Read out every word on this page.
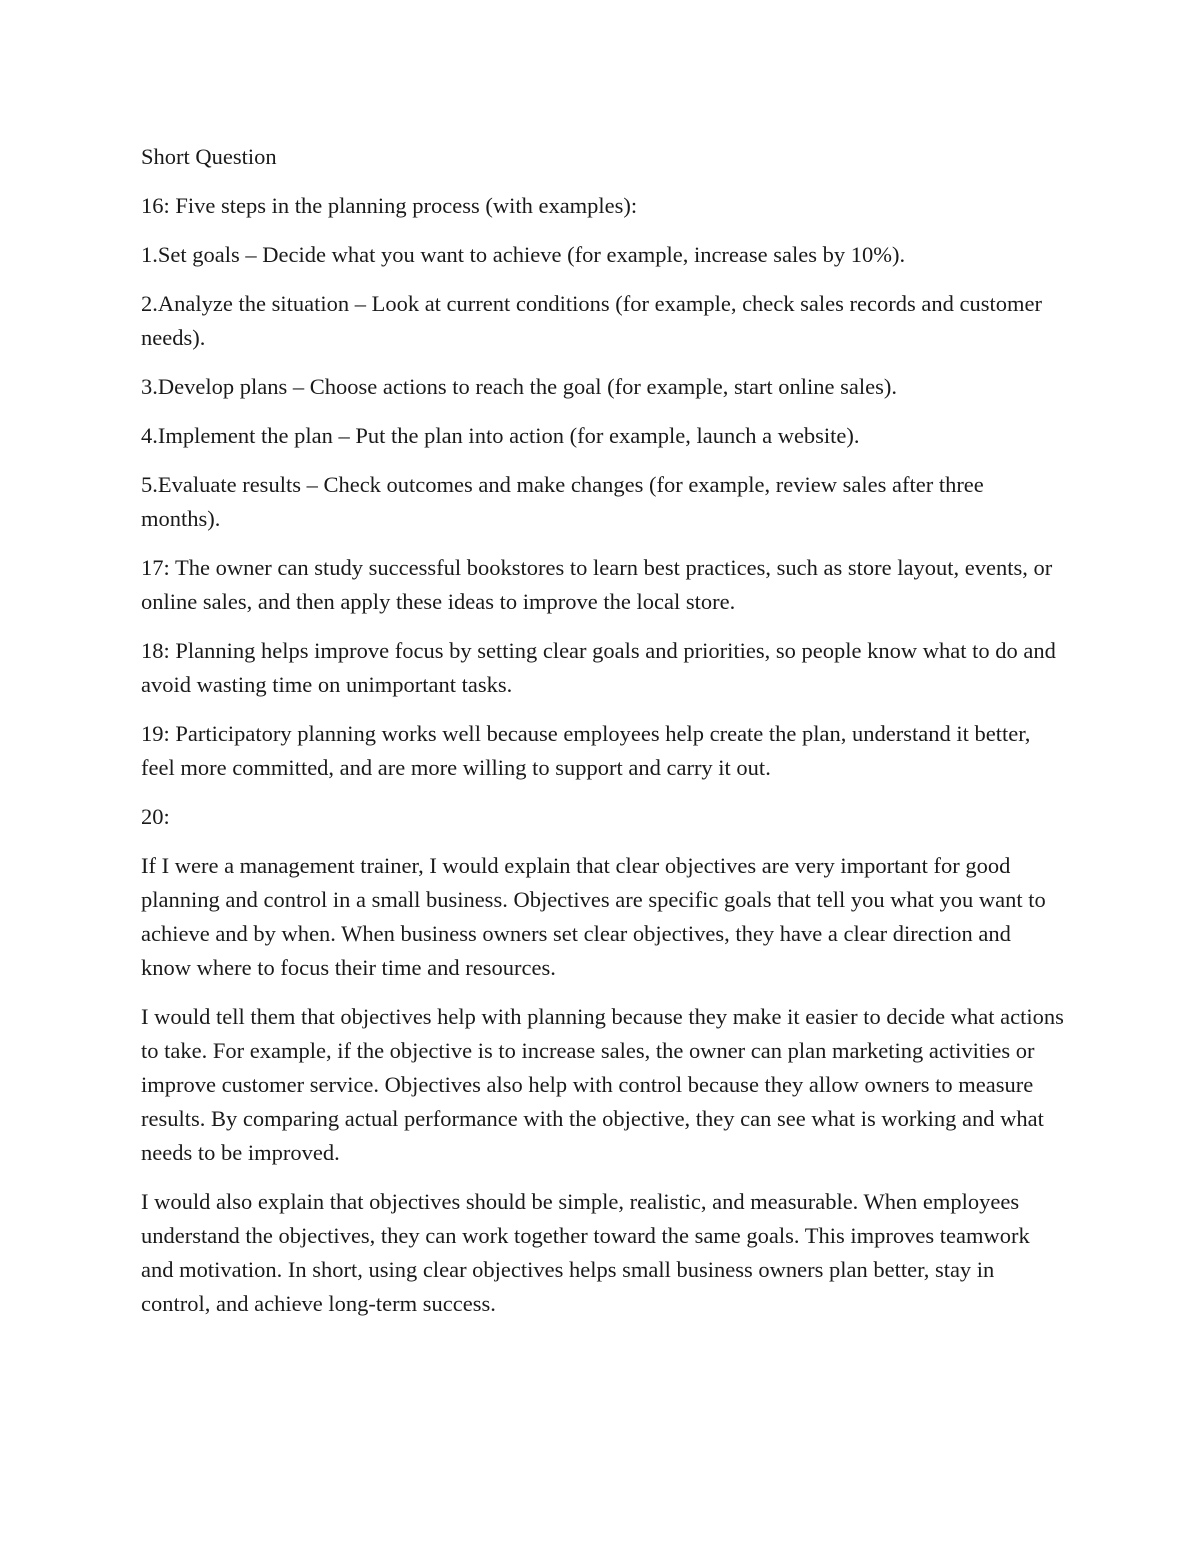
Short Question

16: Five steps in the planning process (with examples):

1.Set goals – Decide what you want to achieve (for example, increase sales by 10%).

2.Analyze the situation – Look at current conditions (for example, check sales records and customer needs).

3.Develop plans – Choose actions to reach the goal (for example, start online sales).

4.Implement the plan – Put the plan into action (for example, launch a website).

5.Evaluate results – Check outcomes and make changes (for example, review sales after three months).

17: The owner can study successful bookstores to learn best practices, such as store layout, events, or online sales, and then apply these ideas to improve the local store.

18: Planning helps improve focus by setting clear goals and priorities, so people know what to do and avoid wasting time on unimportant tasks.

19: Participatory planning works well because employees help create the plan, understand it better, feel more committed, and are more willing to support and carry it out.

20:

If I were a management trainer, I would explain that clear objectives are very important for good planning and control in a small business. Objectives are specific goals that tell you what you want to achieve and by when. When business owners set clear objectives, they have a clear direction and know where to focus their time and resources.

I would tell them that objectives help with planning because they make it easier to decide what actions to take. For example, if the objective is to increase sales, the owner can plan marketing activities or improve customer service. Objectives also help with control because they allow owners to measure results. By comparing actual performance with the objective, they can see what is working and what needs to be improved.

I would also explain that objectives should be simple, realistic, and measurable. When employees understand the objectives, they can work together toward the same goals. This improves teamwork and motivation. In short, using clear objectives helps small business owners plan better, stay in control, and achieve long-term success.
